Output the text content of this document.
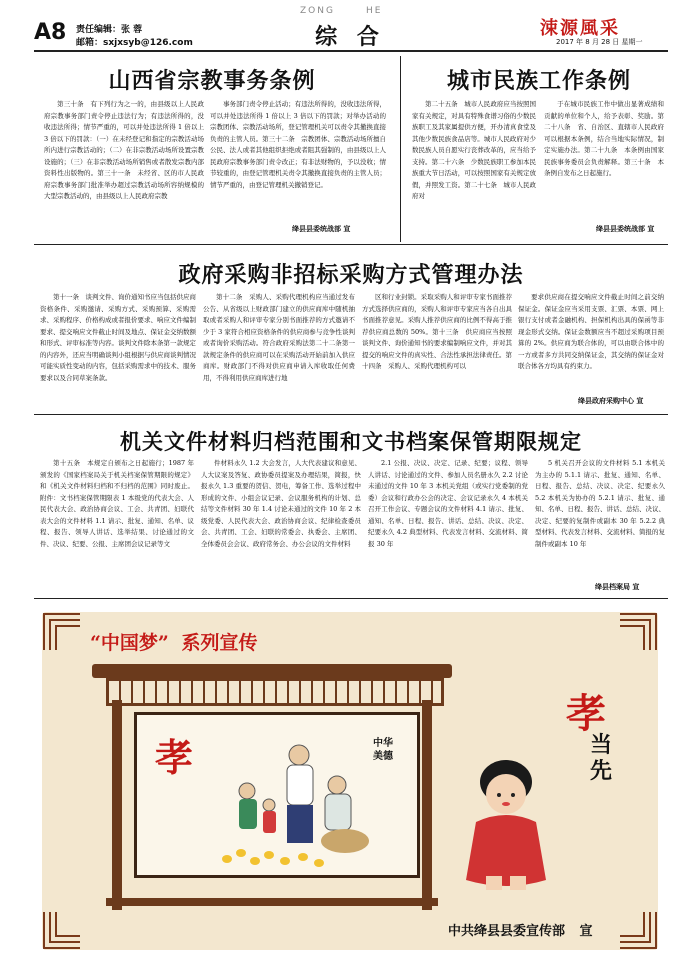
A8 责任编辑：张 蓉
邮箱：sxjxsyb@126.com
ZONG	HE
综 合	涑源風采
2017 年 8 月 28 日 星期一
山西省宗教事务条例

第三十条　有下列行为之一的，由县级以上人民政府宗教事务部门责令停止违法行为；有违法所得的，没收违法所得；情节严重的，可以并处违法所得 1 倍以上 3 倍以下的罚款：（一）在未经登记和指定的宗教活动场所内进行宗教活动的；（二）在非宗教活动场所设置宗教设施的；（三）在非宗教活动场所销售或者散发宗教内部资料性出版物的。第三十一条　未经省、区的市人民政府宗教事务部门批准举办超过宗教活动场所容纳规模的大型宗教活动的，由县级以上人民政府宗教

事务部门责令停止活动；有违法所得的，没收违法所得，可以并处违法所得 1 倍以上 3 倍以下的罚款；对举办活动的宗教团体、宗教活动场所，登记管理机关可以责令其撤换直接负责的主管人员。第三十二条　宗教团体、宗教活动场所擅自公民、法人或者其他组织拒绝或者阻其强制的，由县级以上人民政府宗教事务部门责令改正；有非法财物的，予以没收；情节较重的，由登记管理机关责令其撤换直接负责的主管人员；情节严重的，由登记管理机关撤销登记。

绛县县委统战部 宣
城市民族工作条例

第二十五条　城市人民政府应当按照国家有关规定，对具有特殊食谱习俗的少数民族职工及其家属提供方便，开办清真食堂及其他少数民族食品店等。城市人民政府对少数民族人员自愿实行丧葬改革的，应当给予支持。第二十六条　少数民族职工参加本民族重大节日活动，可以按照国家有关规定放假，并照发工资。第二十七条　城市人民政府对

于在城市民族工作中做出显著成绩和贡献的单位和个人，给予表彰、奖励。第二十八条　省、自治区、直辖市人民政府可以根据本条例，结合当地实际情况，制定实施办法。第二十九条　本条例由国家民族事务委员会负责解释。第三十条　本条例自发布之日起施行。

绛县县委统战部 宣
政府采购非招标采购方式管理办法

第十一条　谈判文件、询价通知书应当包括供应商资格条件、采购邀请、采购方式、采购预算、采购需求、采购程序、价格构成或者报价要求、响应文件编制要求、提交响应文件截止时间及地点、保证金交纳数额和形式、评审标准等内容。谈判文件除本条第一款规定的内容外，还应当明确谈判小组根据与供应商谈判情况可能实质性变动的内容，包括采购需求中的技术、服务要求以及合同草案条款。

第十二条　采购人、采购代理机构应当通过发布公告、从省级以上财政部门建立的供应商库中随机抽取或者采购人和评审专家分别书面推荐的方式邀请不少于 3 家符合相应资格条件的供应商参与竞争性谈判或者询价采购活动。符合政府采购法第二十二条第一款规定条件的供应商可以在采购活动开始前加入供应商库。财政部门不得对供应商申请入库收取任何费用，不得利用供应商库进行地

区和行业封锁。采取采购人和评审专家书面推荐方式选择供应商的，采购人和评审专家应当各自出具书面推荐意见。采购人推荐供应商的比例不得高于推荐供应商总数的 50%。第十三条　供应商应当按照谈判文件、询价通知书的要求编制响应文件，并对其提交的响应文件的真实性、合法性承担法律责任。第十四条　采购人、采购代理机构可以

要求供应商在提交响应文件截止时间之前交纳保证金。保证金应当采用支票、汇票、本票、网上银行支付或者金融机构、担保机构出具的保函等非现金形式交纳。保证金数额应当不超过采购项目预算的 2%。供应商为联合体的，可以由联合体中的一方或者多方共同交纳保证金，其交纳的保证金对联合体各方均具有约束力。

绛县政府采购中心 宣
机关文件材料归档范围和文书档案保管期限规定

第十五条　本规定自颁布之日起施行；1987 年颁发的《国家档案局关于机关档案保管期限的规定》和《机关文件材料归档和不归档的范围》同时废止。附件：文书档案保管期限表 1 本级党的代表大会、人民代表大会、政治协商会议、工会、共青团、妇联代表大会的文件材料 1.1 请示、批复、通知、名单、议程、报告、领导人讲话、选举结果、讨论通过的文件、决议、纪要、公报、主席团会议记录等文

件材料永久 1.2 大会发言，人大代表建议和意见、人大议案及答复、政协委员提案及办理结果，简报，快报永久 1.3 重要的贺信、贺电，筹备工作、选举过程中形成的文件、小组会议记录、会议服务机构的计划、总结等文件材料 30 年 1.4 讨论未通过的文件 10 年 2 本级党委、人民代表大会、政治协商会议、纪律检查委员会、共青团、工会、妇联的常委会、执委会、主席团、全体委员会会议、政府常务会、办公会议的文件材料

2.1 公报、决议、决定、记录、纪要；议程、领导人讲话、讨论通过的文件、参加人员名册永久 2.2 讨论未通过的文件 10 年 3 本机关党组（或实行党委制的党委）会议和行政办公会的决定、会议记录永久 4 本机关召开工作会议、专题会议的文件材料 4.1 请示、批复、通知、名单、日程、报告、讲话、总结、决议、决定、纪要永久 4.2 典型材料、代表发言材料、交流材料、简报 30 年

5 机关召开会议的文件材料 5.1 本机关为主办的 5.1.1 请示、批复、通知、名单、日程、报告、总结、决议、决定、纪要永久 5.2 本机关为协办的 5.2.1 请示、批复、通知、名单、日程、报告、讲话、总结、决议、决定、纪要的复制件或副本 30 年 5.2.2 典型材料、代表发言材料、交流材料、简报的复制件或副本 10 年

绛县档案局 宣
“中国梦” 系列宣传
孝	中华美德
孝
当先
中共绛县县委宣传部 宣
